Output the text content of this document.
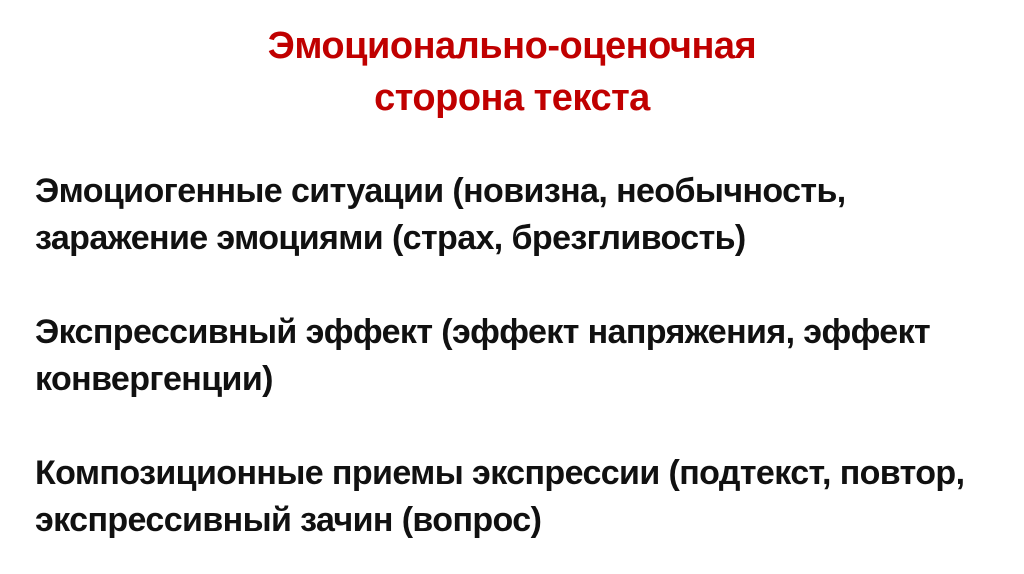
Эмоционально-оценочная
сторона текста
Эмоциогенные ситуации (новизна, необычность,
заражение эмоциями (страх, брезгливость)
Экспрессивный эффект (эффект напряжения, эффект
конвергенции)
Композиционные приемы экспрессии (подтекст, повтор,
экспрессивный зачин (вопрос)
